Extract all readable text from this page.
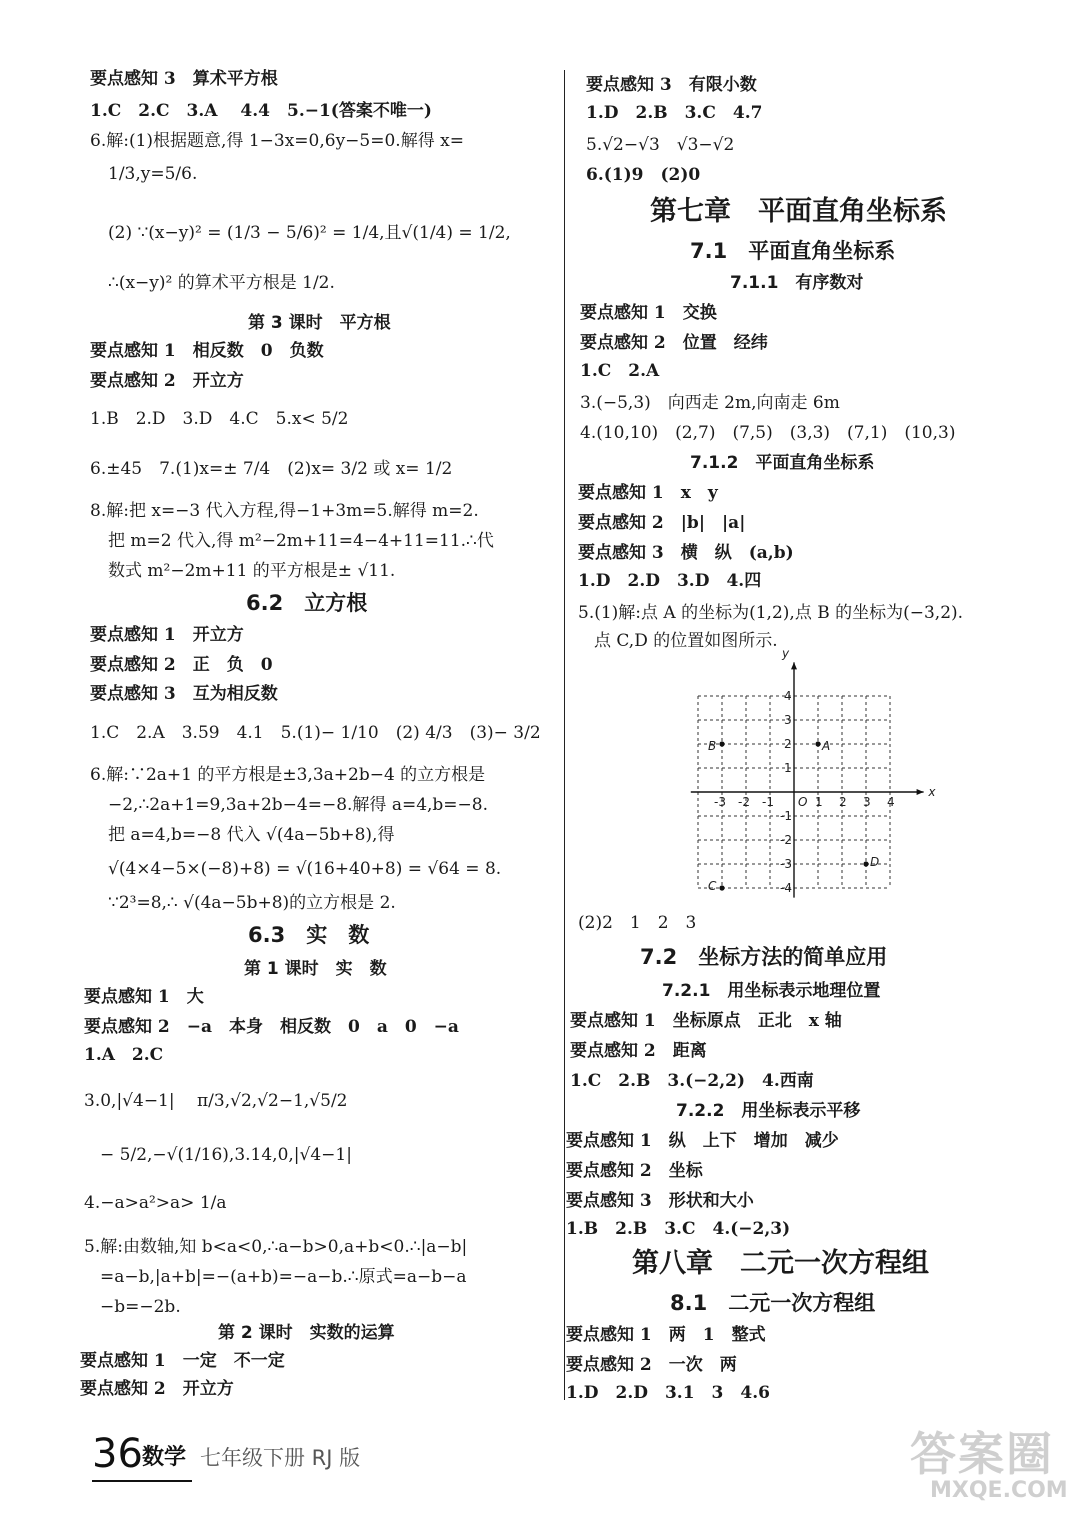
要点感知 3　算术平方根
1.C　2.C　3.A　 4.4　5.−1(答案不唯一)
6.解:(1)根据题意,得 1−3x=0,6y−5=0.解得 x=
1/3,y=5/6.
(2) ∵(x−y)² = (1/3 − 5/6)² = 1/4,且√(1/4) = 1/2,
∴(x−y)² 的算术平方根是 1/2.
第 3 课时　平方根
要点感知 1　相反数　0　负数
要点感知 2　开立方
1.B　2.D　3.D　4.C　5.x< 5/2
6.±45　7.(1)x=± 7/4　(2)x= 3/2 或 x= 1/2
8.解:把 x=−3 代入方程,得−1+3m=5.解得 m=2.
把 m=2 代入,得 m²−2m+11=4−4+11=11.∴代
数式 m²−2m+11 的平方根是± √11.
6.2　立方根
要点感知 1　开立方
要点感知 2　正　负　0
要点感知 3　互为相反数
1.C　2.A　3.59　4.1　5.(1)− 1/10　(2) 4/3　(3)− 3/2
6.解:∵2a+1 的平方根是±3,3a+2b−4 的立方根是
−2,∴2a+1=9,3a+2b−4=−8.解得 a=4,b=−8.
把 a=4,b=−8 代入 √(4a−5b+8),得
√(4×4−5×(−8)+8) = √(16+40+8) = √64 = 8.
∵2³=8,∴ √(4a−5b+8)的立方根是 2.
6.3　实　数
第 1 课时　实　数
要点感知 1　大
要点感知 2　−a　本身　相反数　0　a　0　−a
1.A　2.C
3.0,|√4−1|　 π/3,√2,√2−1,√5/2
− 5/2,−√(1/16),3.14,0,|√4−1|
4.−a>a²>a> 1/a
5.解:由数轴,知 b<a<0,∴a−b>0,a+b<0.∴|a−b|
=a−b,|a+b|=−(a+b)=−a−b.∴原式=a−b−a
−b=−2b.
第 2 课时　实数的运算
要点感知 1　一定　不一定
要点感知 2　开立方
要点感知 3　有限小数
1.D　2.B　3.C　4.7
5.√2−√3　√3−√2
6.(1)9　(2)0
第七章　平面直角坐标系
7.1　平面直角坐标系
7.1.1　有序数对
要点感知 1　交换
要点感知 2　位置　经纬
1.C　2.A
3.(−5,3)　向西走 2m,向南走 6m
4.(10,10)　(2,7)　(7,5)　(3,3)　(7,1)　(10,3)
7.1.2　平面直角坐标系
要点感知 1　x　y
要点感知 2　|b|　|a|
要点感知 3　横　纵　(a,b)
1.D　2.D　3.D　4.四
5.(1)解:点 A 的坐标为(1,2),点 B 的坐标为(−3,2).
点 C,D 的位置如图所示.
(2)2　1　2　3
7.2　坐标方法的简单应用
7.2.1　用坐标表示地理位置
要点感知 1　坐标原点　正北　x 轴
要点感知 2　距离
1.C　2.B　3.(−2,2)　4.西南
7.2.2　用坐标表示平移
要点感知 1　纵　上下　增加　减少
要点感知 2　坐标
要点感知 3　形状和大小
1.B　2.B　3.C　4.(−2,3)
第八章　二元一次方程组
8.1　二元一次方程组
要点感知 1　两　1　整式
要点感知 2　一次　两
1.D　2.D　3.1　3　4.6
x
y
O
-3 -2 -1	1 2 3 4
4
3
2
1
-1
-2
-3
-4
A
B
C
D
36 数学 七年级下册 RJ 版	答案圈
MXQE.COM
